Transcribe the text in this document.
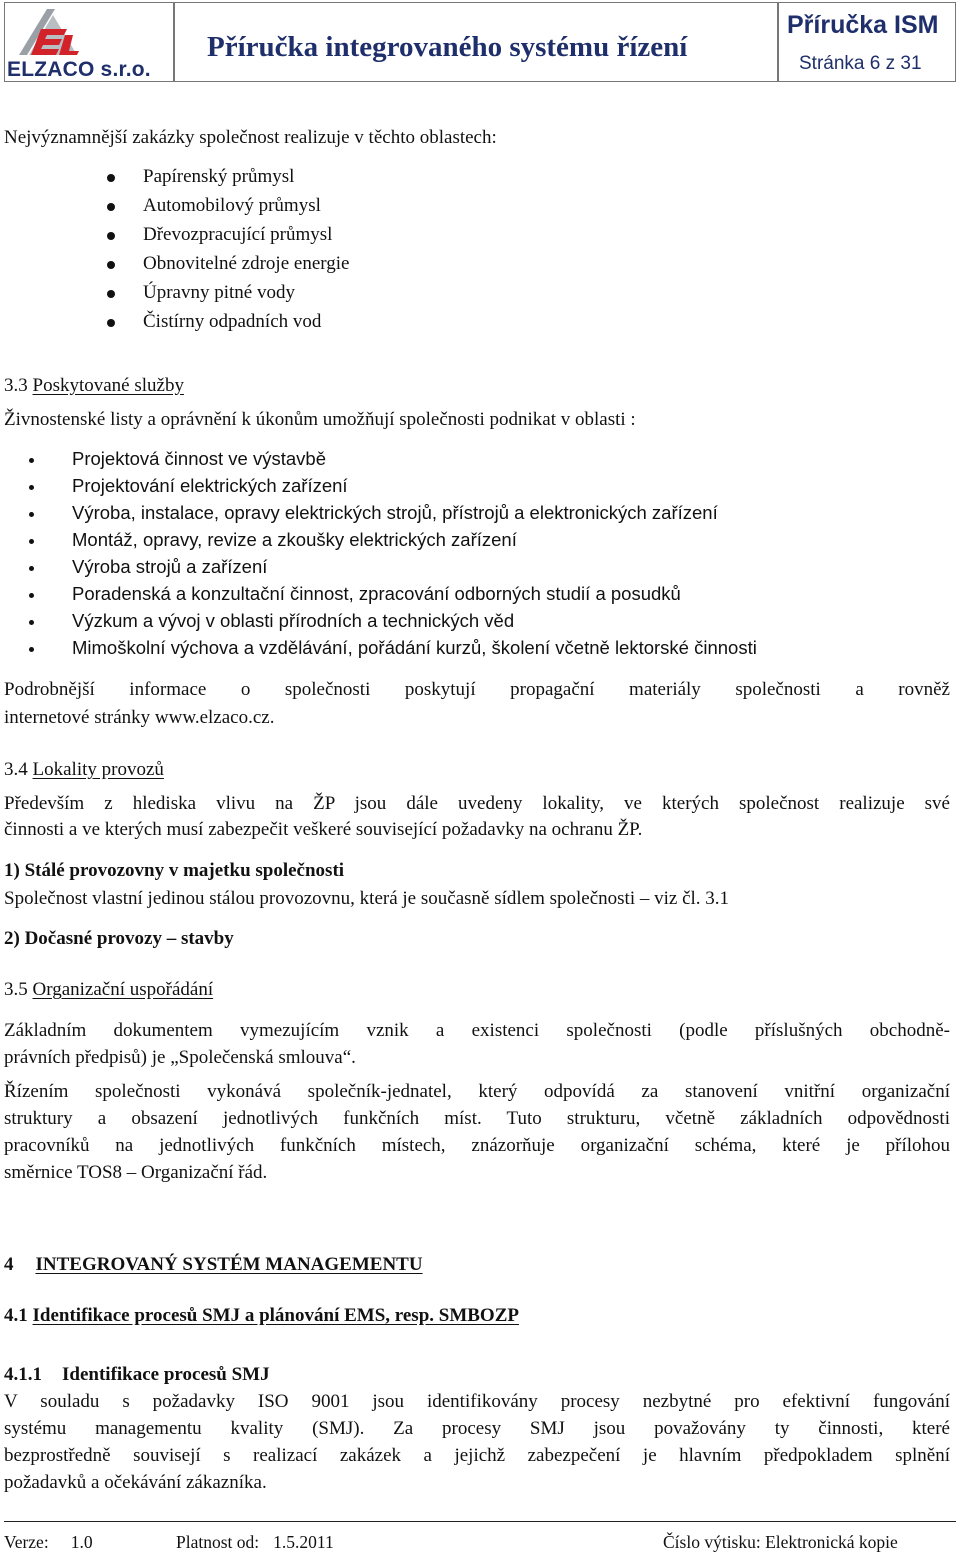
ELZACO s.r.o.
Příručka integrovaného systému řízení
Příručka ISM
Stránka 6 z 31
Nejvýznamnější zakázky společnost realizuje v těchto oblastech:
Papírenský průmysl
Automobilový průmysl
Dřevozpracující průmysl
Obnovitelné zdroje energie
Úpravny pitné vody
Čistírny odpadních vod
3.3 Poskytované služby
Živnostenské listy a oprávnění k úkonům umožňují společnosti podnikat v oblasti :
Projektová činnost ve výstavbě
Projektování elektrických zařízení
Výroba, instalace, opravy elektrických strojů, přístrojů a elektronických zařízení
Montáž, opravy, revize a zkoušky elektrických zařízení
Výroba strojů a zařízení
Poradenská a konzultační činnost, zpracování odborných studií a posudků
Výzkum a vývoj v oblasti přírodních a technických věd
Mimoškolní výchova a vzdělávání, pořádání kurzů, školení včetně lektorské činnosti
Podrobnější informace o společnosti poskytují propagační materiály společnosti a rovněž
internetové stránky www.elzaco.cz.
3.4 Lokality provozů
Především z hlediska vlivu na ŽP jsou dále uvedeny lokality, ve kterých společnost realizuje své
činnosti a ve kterých musí zabezpečit veškeré související požadavky na ochranu ŽP.
1) Stálé provozovny v majetku společnosti
Společnost vlastní jedinou stálou provozovnu, která je současně sídlem společnosti – viz čl. 3.1
2) Dočasné provozy – stavby
3.5 Organizační uspořádání
Základním dokumentem vymezujícím vznik a existenci společnosti (podle příslušných obchodně-
právních předpisů) je „Společenská smlouva“.
Řízením společnosti vykonává společník-jednatel, který odpovídá za stanovení vnitřní organizační
struktury a obsazení jednotlivých funkčních míst. Tuto strukturu, včetně základních odpovědnosti
pracovníků na jednotlivých funkčních místech, znázorňuje organizační schéma, které je přílohou
směrnice TOS8 – Organizační řád.
4 INTEGROVANÝ SYSTÉM MANAGEMENTU
4.1 Identifikace procesů SMJ a plánování EMS, resp. SMBOZP
4.1.1 Identifikace procesů SMJ
V souladu s požadavky ISO 9001 jsou identifikovány procesy nezbytné pro efektivní fungování
systému managementu kvality (SMJ). Za procesy SMJ jsou považovány ty činnosti, které
bezprostředně souvisejí s realizací zakázek a jejichž zabezpečení je hlavním předpokladem splnění
požadavků a očekávání zákazníka.
Verze: 1.0	Platnost od: 1.5.2011	Číslo výtisku: Elektronická kopie
